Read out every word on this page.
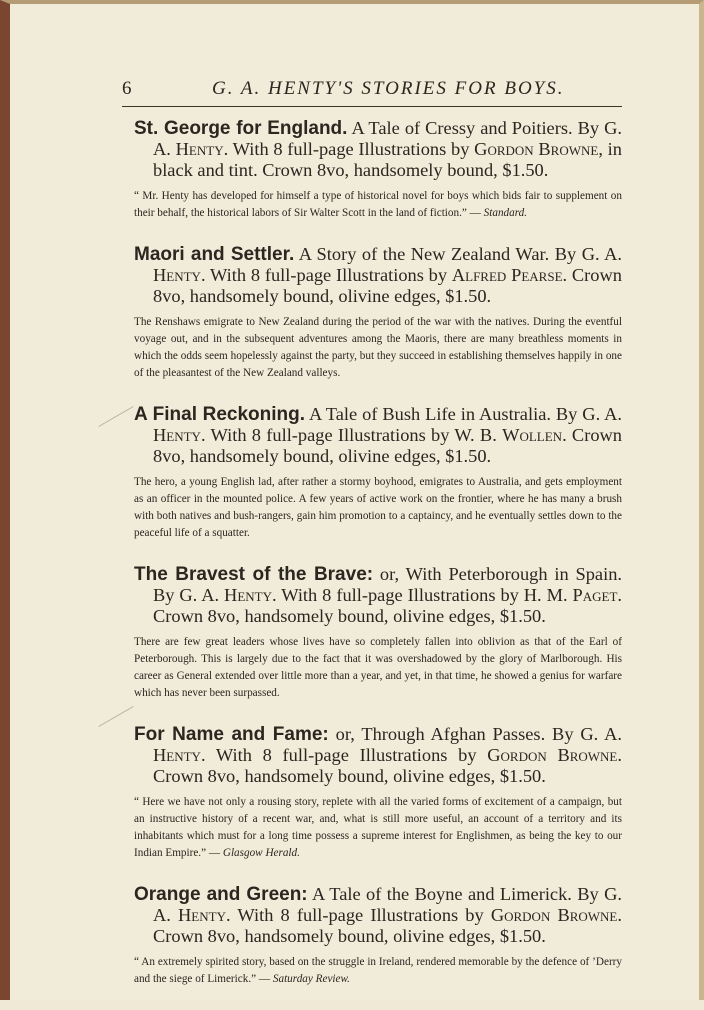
6	G. A. HENTY'S STORIES FOR BOYS.

St. George for England. A Tale of Cressy and Poitiers. By G. A. Henty. With 8 full-page Illustrations by Gordon Browne, in black and tint. Crown 8vo, handsomely bound, $1.50.

“ Mr. Henty has developed for himself a type of historical novel for boys which bids fair to supplement on their behalf, the historical labors of Sir Walter Scott in the land of fiction.” — Standard.

Maori and Settler. A Story of the New Zealand War. By G. A. Henty. With 8 full-page Illustrations by Alfred Pearse. Crown 8vo, handsomely bound, olivine edges, $1.50.

The Renshaws emigrate to New Zealand during the period of the war with the natives. During the eventful voyage out, and in the subsequent adventures among the Maoris, there are many breathless moments in which the odds seem hopelessly against the party, but they succeed in establishing themselves happily in one of the pleasantest of the New Zealand valleys.

A Final Reckoning. A Tale of Bush Life in Australia. By G. A. Henty. With 8 full-page Illustrations by W. B. Wollen. Crown 8vo, handsomely bound, olivine edges, $1.50.

The hero, a young English lad, after rather a stormy boyhood, emigrates to Australia, and gets employment as an officer in the mounted police. A few years of active work on the frontier, where he has many a brush with both natives and bush-rangers, gain him promotion to a captaincy, and he eventually settles down to the peaceful life of a squatter.

The Bravest of the Brave: or, With Peterborough in Spain. By G. A. Henty. With 8 full-page Illustrations by H. M. Paget. Crown 8vo, handsomely bound, olivine edges, $1.50.

There are few great leaders whose lives have so completely fallen into oblivion as that of the Earl of Peterborough. This is largely due to the fact that it was overshadowed by the glory of Marlborough. His career as General extended over little more than a year, and yet, in that time, he showed a genius for warfare which has never been surpassed.

For Name and Fame: or, Through Afghan Passes. By G. A. Henty. With 8 full-page Illustrations by Gordon Browne. Crown 8vo, handsomely bound, olivine edges, $1.50.

“ Here we have not only a rousing story, replete with all the varied forms of excitement of a campaign, but an instructive history of a recent war, and, what is still more useful, an account of a territory and its inhabitants which must for a long time possess a supreme interest for Englishmen, as being the key to our Indian Empire.” — Glasgow Herald.

Orange and Green: A Tale of the Boyne and Limerick. By G. A. Henty. With 8 full-page Illustrations by Gordon Browne. Crown 8vo, handsomely bound, olivine edges, $1.50.

“ An extremely spirited story, based on the struggle in Ireland, rendered memorable by the defence of ’Derry and the siege of Limerick.” — Saturday Review.
